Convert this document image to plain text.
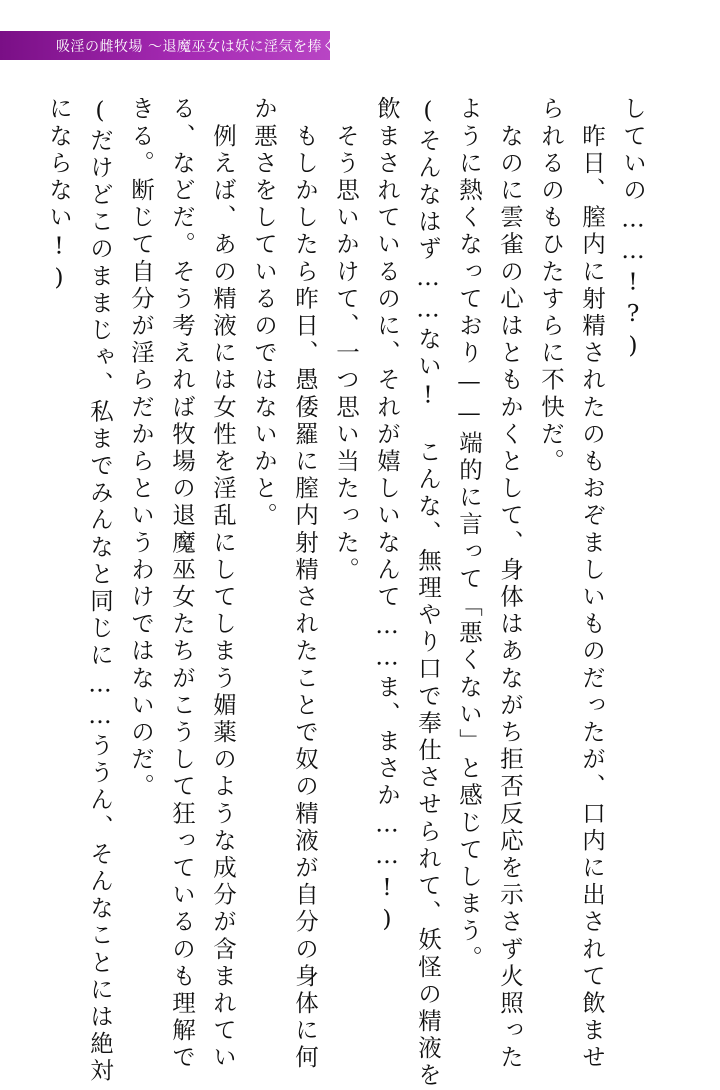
吸淫の雌牧場 〜退魔巫女は妖に淫気を捧ぐ〜
していの……!?)
　昨日、膣内に射精されたのもおぞましいものだったが、口内に出されて飲ませ
られるのもひたすらに不快だ。
　なのに雲雀の心はともかくとして、身体はあながち拒否反応を示さず火照った
ように熱くなっており——端的に言って「悪くない」と感じてしまう。
(そんなはず……ない!　こんな、無理やり口で奉仕させられて、妖怪の精液を
飲まされているのに、それが嬉しいなんて……ま、まさか……!)
　そう思いかけて、一つ思い当たった。
　もしかしたら昨日、愚倭羅に膣内射精されたことで奴の精液が自分の身体に何
か悪さをしているのではないかと。
　例えば、あの精液には女性を淫乱にしてしまう媚薬のような成分が含まれてい
る、などだ。そう考えれば牧場の退魔巫女たちがこうして狂っているのも理解で
きる。断じて自分が淫らだからというわけではないのだ。
(だけどこのままじゃ、私までみんなと同じに……ううん、そんなことには絶対
にならない!)
